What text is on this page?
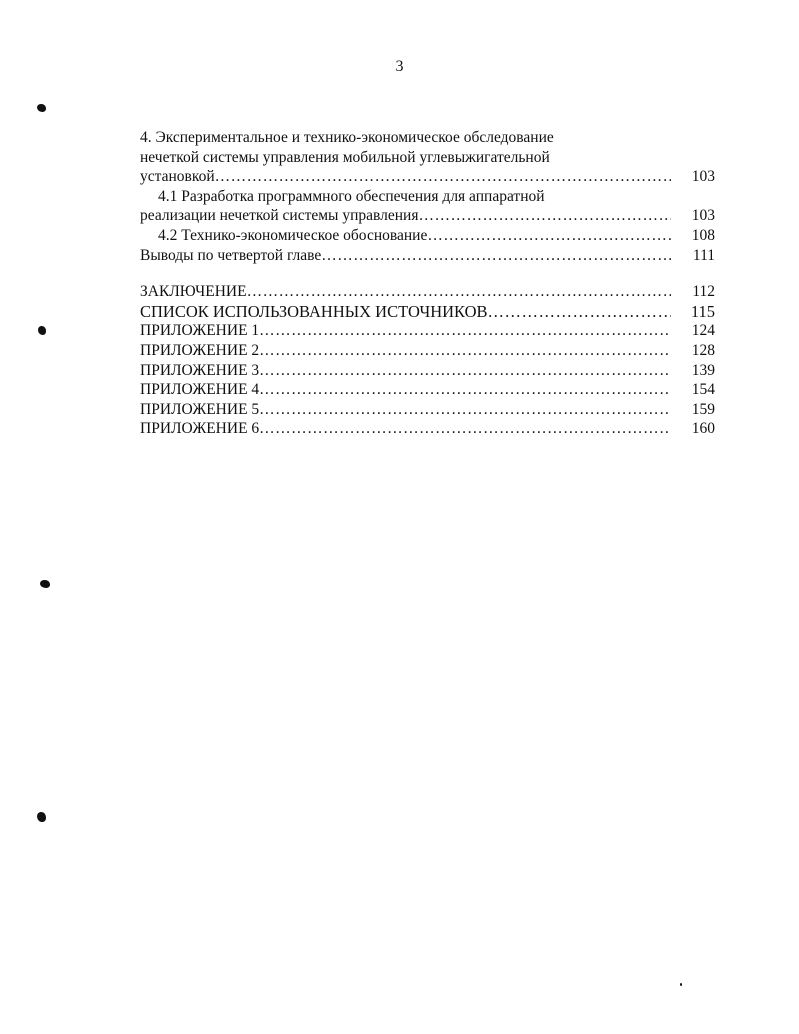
3
4. Экспериментальное и технико-экономическое обследование
нечеткой системы управления мобильной углевыжигательной
установкой ……………………………………………………………………………………………………………………………………………………………………………………………………	103
4.1 Разработка программного обеспечения для аппаратной
реализации нечеткой системы управления ……………………………………………………………………………………………………………………………………………………………………………………………………	103
4.2 Технико-экономическое обоснование ……………………………………………………………………………………………………………………………………………………………………………………………………	108
Выводы по четвертой главе ……………………………………………………………………………………………………………………………………………………………………………………………………	111
ЗАКЛЮЧЕНИЕ ……………………………………………………………………………………………………………………………………………………………………………………………………	112
СПИСОК ИСПОЛЬЗОВАННЫХ ИСТОЧНИКОВ ……………………………………………………………………………………………………………………………………………………………………………………………………	115
ПРИЛОЖЕНИЕ 1 ……………………………………………………………………………………………………………………………………………………………………………………………………	124
ПРИЛОЖЕНИЕ 2 ……………………………………………………………………………………………………………………………………………………………………………………………………	128
ПРИЛОЖЕНИЕ 3 ……………………………………………………………………………………………………………………………………………………………………………………………………	139
ПРИЛОЖЕНИЕ 4 ……………………………………………………………………………………………………………………………………………………………………………………………………	154
ПРИЛОЖЕНИЕ 5 ……………………………………………………………………………………………………………………………………………………………………………………………………	159
ПРИЛОЖЕНИЕ 6 ……………………………………………………………………………………………………………………………………………………………………………………………………	160
